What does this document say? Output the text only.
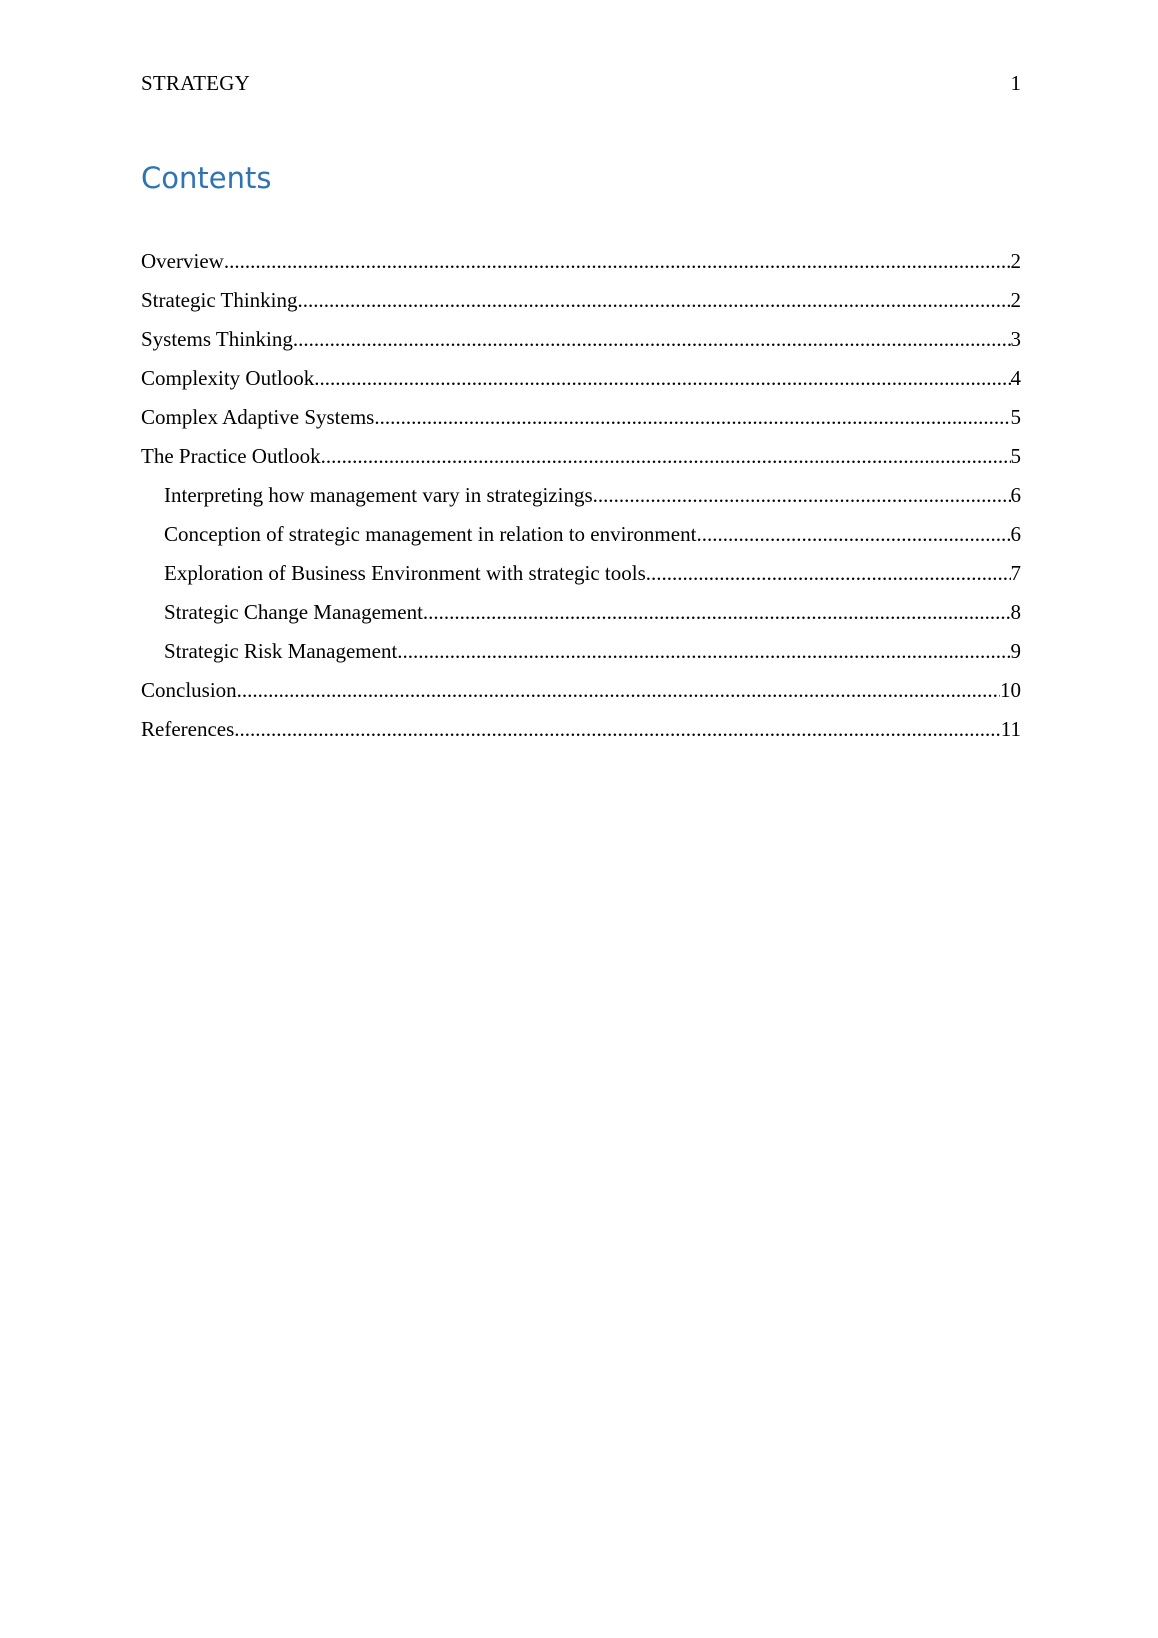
STRATEGY	1
Contents
Overview .....	2
Strategic Thinking .....	2
Systems Thinking .....	3
Complexity Outlook .....	4
Complex Adaptive Systems .....	5
The Practice Outlook .....	5
Interpreting how management vary in strategizings .....	6
Conception of strategic management in relation to environment .....	6
Exploration of Business Environment with strategic tools .....	7
Strategic Change Management .....	8
Strategic Risk Management .....	9
Conclusion .....	10
References .....	11
